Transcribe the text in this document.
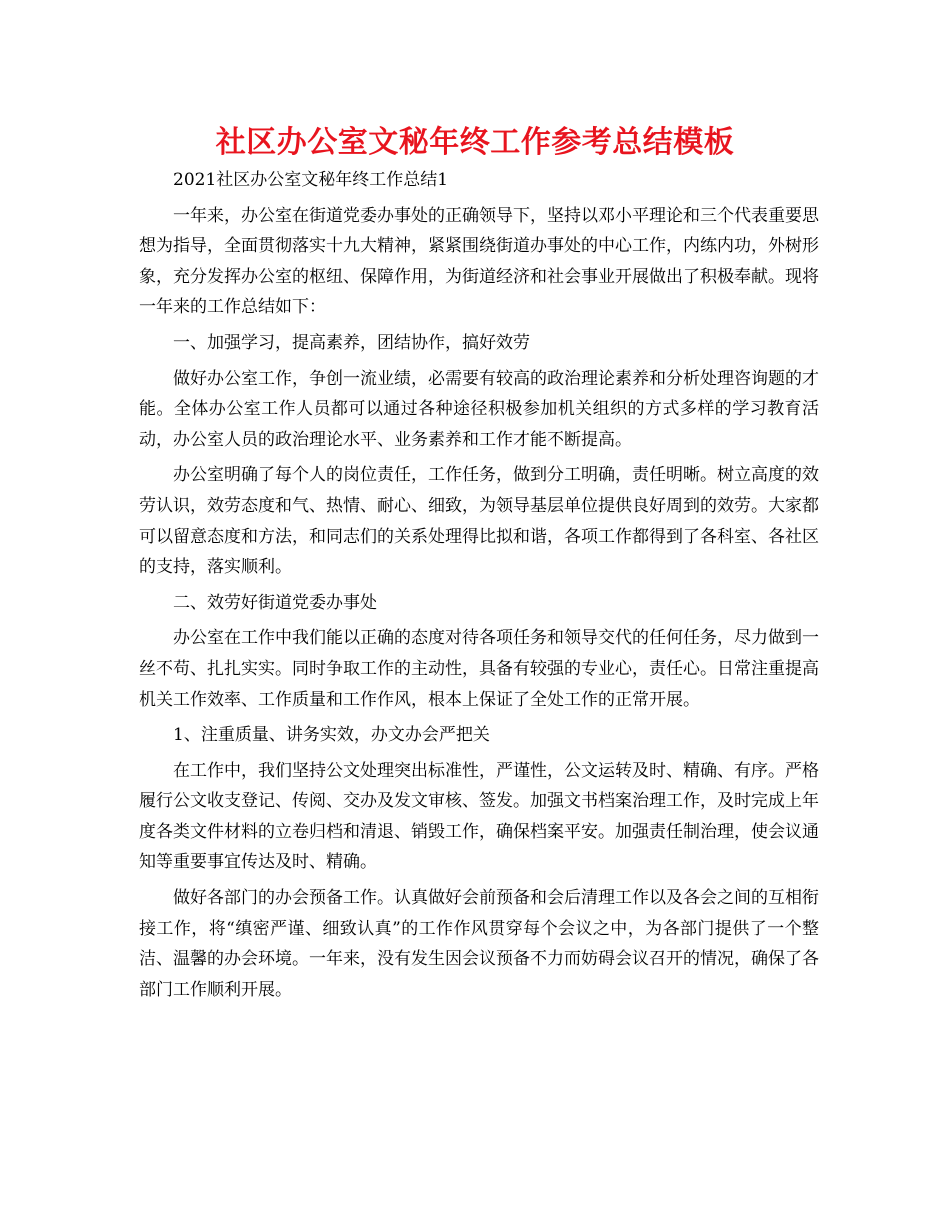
社区办公室文秘年终工作参考总结模板

2021社区办公室文秘年终工作总结1

一年来，办公室在街道党委办事处的正确领导下，坚持以邓小平理论和三个代表重要思想为指导，全面贯彻落实十九大精神，紧紧围绕街道办事处的中心工作，内练内功，外树形象，充分发挥办公室的枢纽、保障作用，为街道经济和社会事业开展做出了积极奉献。现将一年来的工作总结如下：

一、加强学习，提高素养，团结协作，搞好效劳

做好办公室工作，争创一流业绩，必需要有较高的政治理论素养和分析处理咨询题的才能。全体办公室工作人员都可以通过各种途径积极参加机关组织的方式多样的学习教育活动，办公室人员的政治理论水平、业务素养和工作才能不断提高。

办公室明确了每个人的岗位责任，工作任务，做到分工明确，责任明晰。树立高度的效劳认识，效劳态度和气、热情、耐心、细致，为领导基层单位提供良好周到的效劳。大家都可以留意态度和方法，和同志们的关系处理得比拟和谐，各项工作都得到了各科室、各社区的支持，落实顺利。

二、效劳好街道党委办事处

办公室在工作中我们能以正确的态度对待各项任务和领导交代的任何任务，尽力做到一丝不苟、扎扎实实。同时争取工作的主动性，具备有较强的专业心，责任心。日常注重提高机关工作效率、工作质量和工作作风，根本上保证了全处工作的正常开展。

1、注重质量、讲务实效，办文办会严把关

在工作中，我们坚持公文处理突出标准性，严谨性，公文运转及时、精确、有序。严格履行公文收支登记、传阅、交办及发文审核、签发。加强文书档案治理工作，及时完成上年度各类文件材料的立卷归档和清退、销毁工作，确保档案平安。加强责任制治理，使会议通知等重要事宜传达及时、精确。

做好各部门的办会预备工作。认真做好会前预备和会后清理工作以及各会之间的互相衔接工作，将“缜密严谨、细致认真”的工作作风贯穿每个会议之中，为各部门提供了一个整洁、温馨的办会环境。一年来，没有发生因会议预备不力而妨碍会议召开的情况，确保了各部门工作顺利开展。
